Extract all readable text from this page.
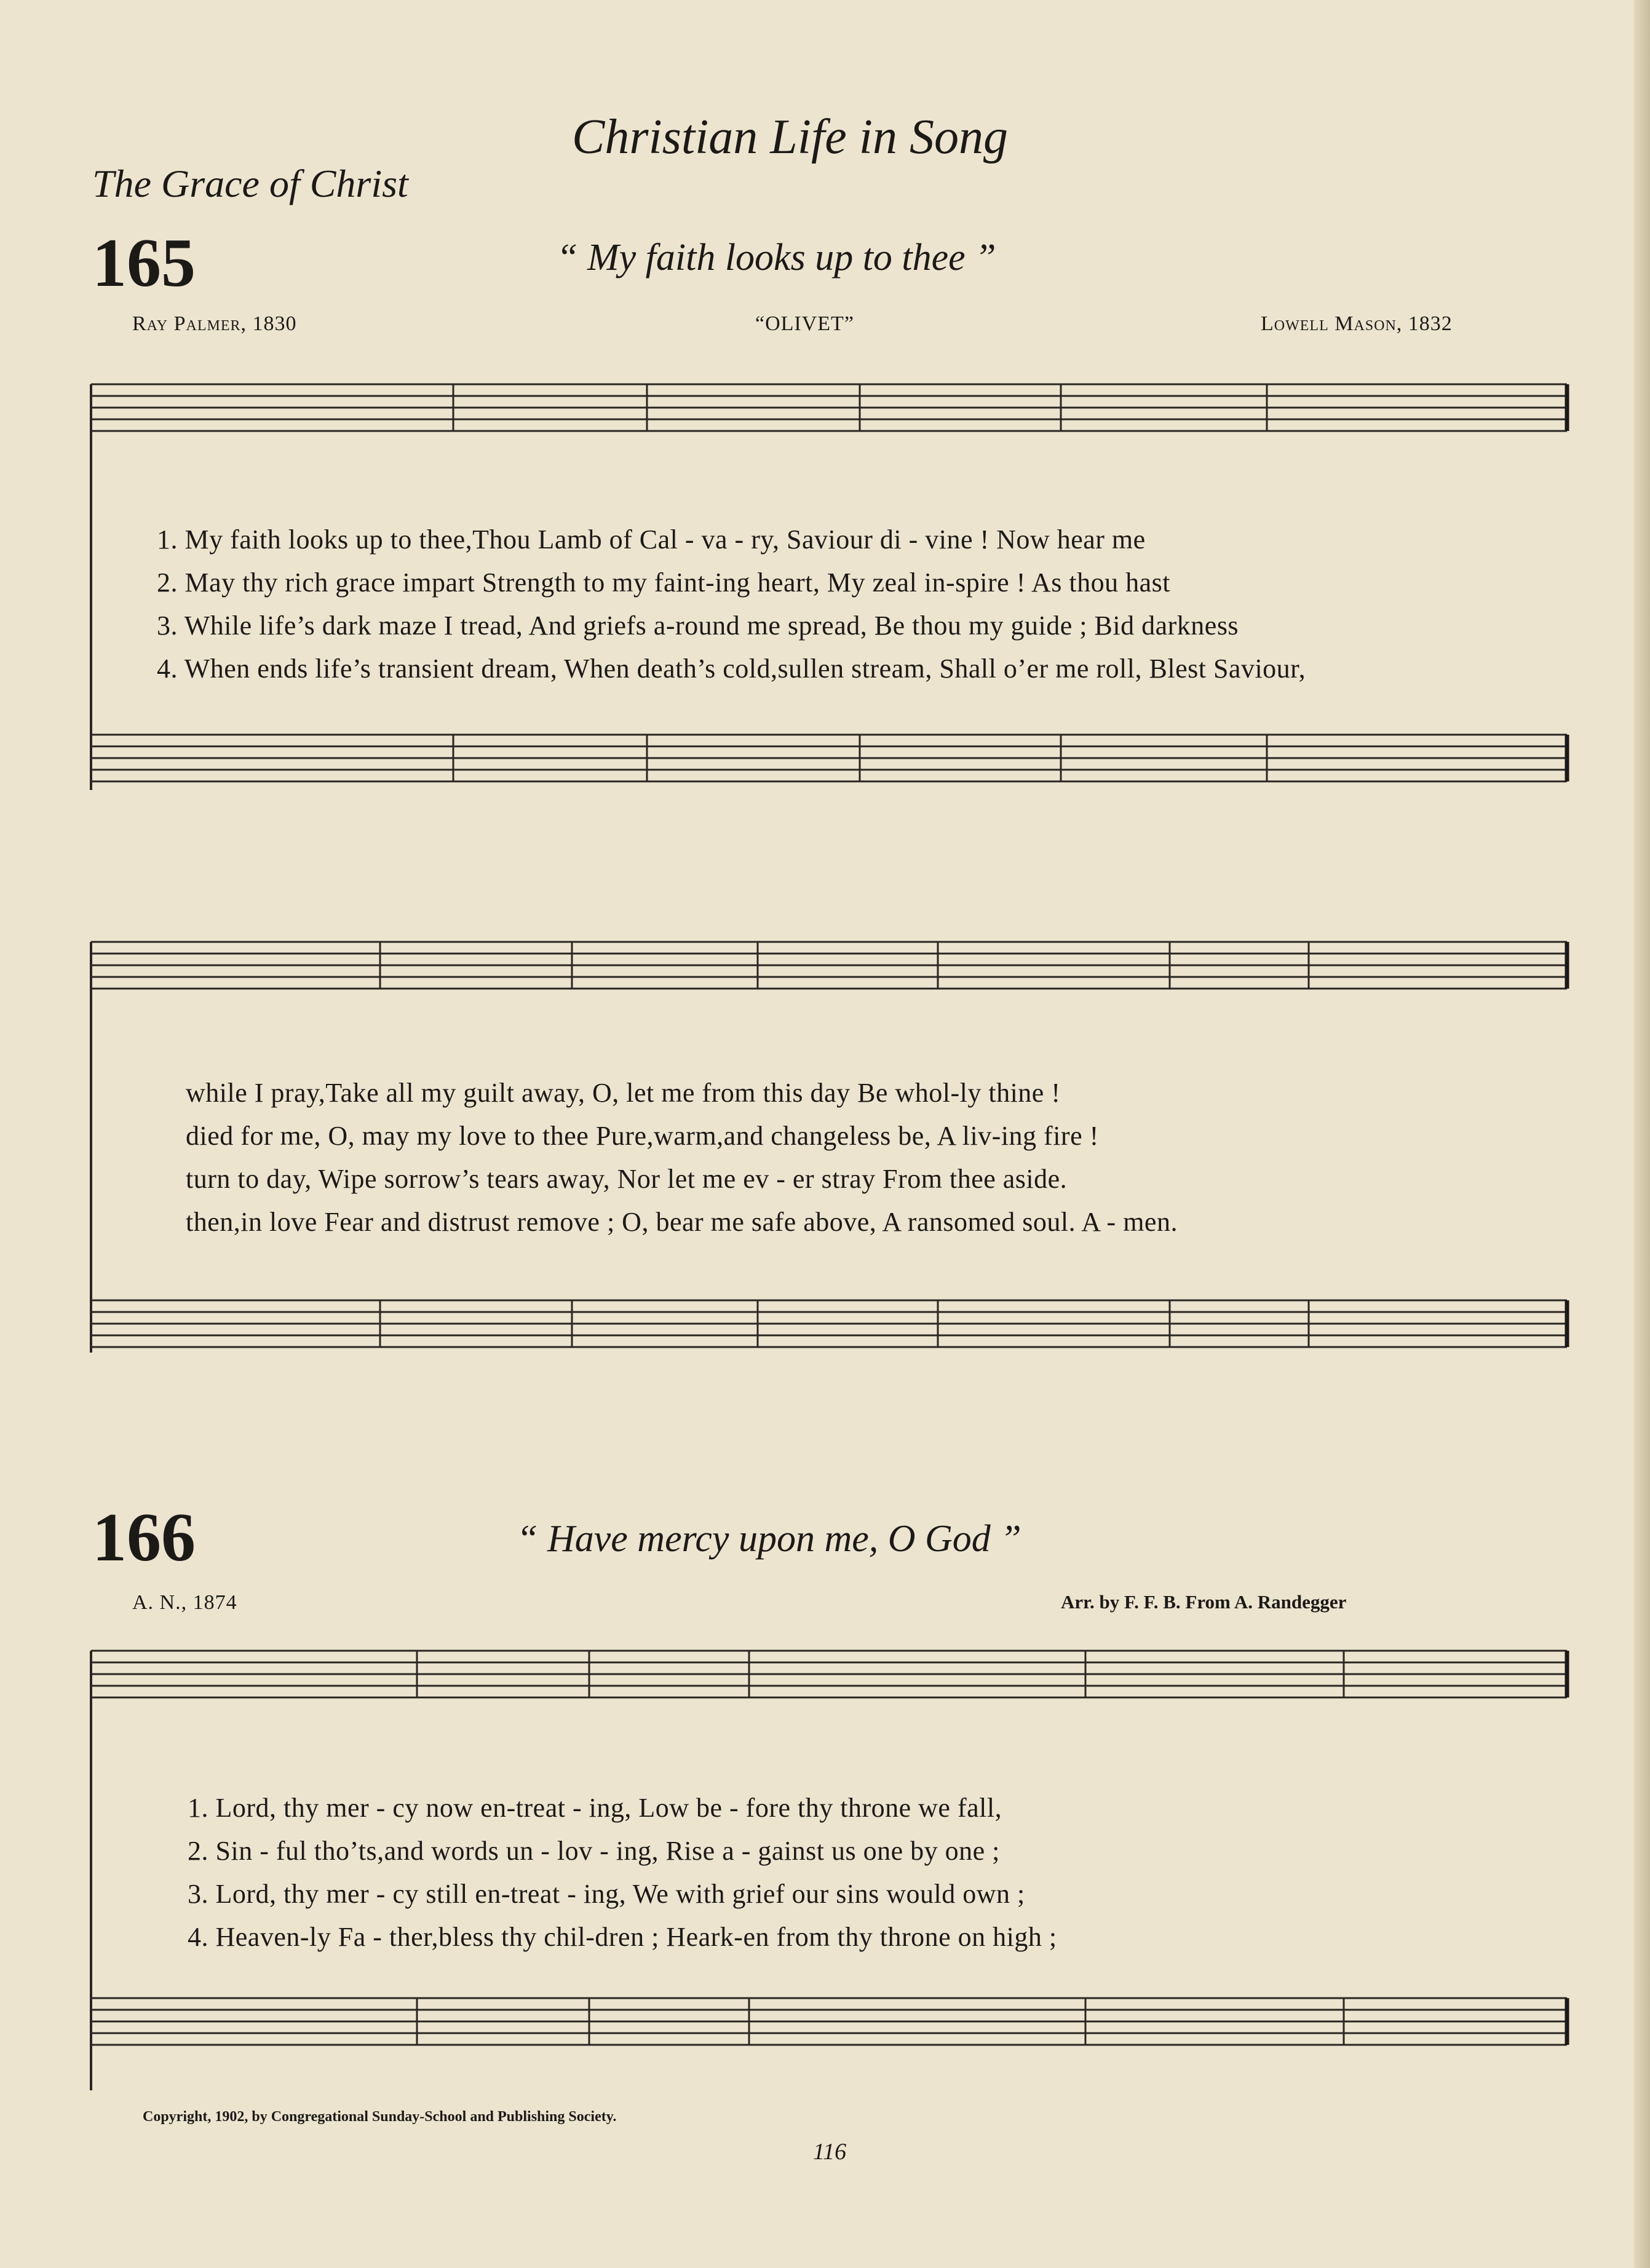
Christian Life in Song
The Grace of Christ
165	“ My faith looks up to thee ”
Ray Palmer, 1830	“OLIVET”	Lowell Mason, 1832
1. My faith looks up to thee,Thou Lamb of Cal - va - ry, Saviour di - vine ! Now hear me
2. May thy rich grace impart Strength to my faint-ing heart, My zeal in-spire ! As thou hast
3. While life’s dark maze I tread, And griefs a-round me spread, Be thou my guide ; Bid darkness
4. When ends life’s transient dream, When death’s cold,sullen stream, Shall o’er me roll, Blest Saviour,
while I pray,Take all my guilt away, O, let me from this day Be whol-ly thine !
died for me, O, may my love to thee Pure,warm,and changeless be, A liv-ing fire !
turn to day, Wipe sorrow’s tears away, Nor let me ev - er stray From thee aside.
then,in love Fear and distrust remove ; O, bear me safe above, A ransomed soul. A - men.
166	“ Have mercy upon me, O God ”
A. N., 1874	Arr. by F. F. B. From A. Randegger
1. Lord, thy mer - cy now en-treat - ing, Low be - fore thy throne we fall,
2. Sin - ful tho’ts,and words un - lov - ing, Rise a - gainst us one by one ;
3. Lord, thy mer - cy still en-treat - ing, We with grief our sins would own ;
4. Heaven-ly Fa - ther,bless thy chil-dren ; Heark-en from thy throne on high ;
Copyright, 1902, by Congregational Sunday-School and Publishing Society.
116
